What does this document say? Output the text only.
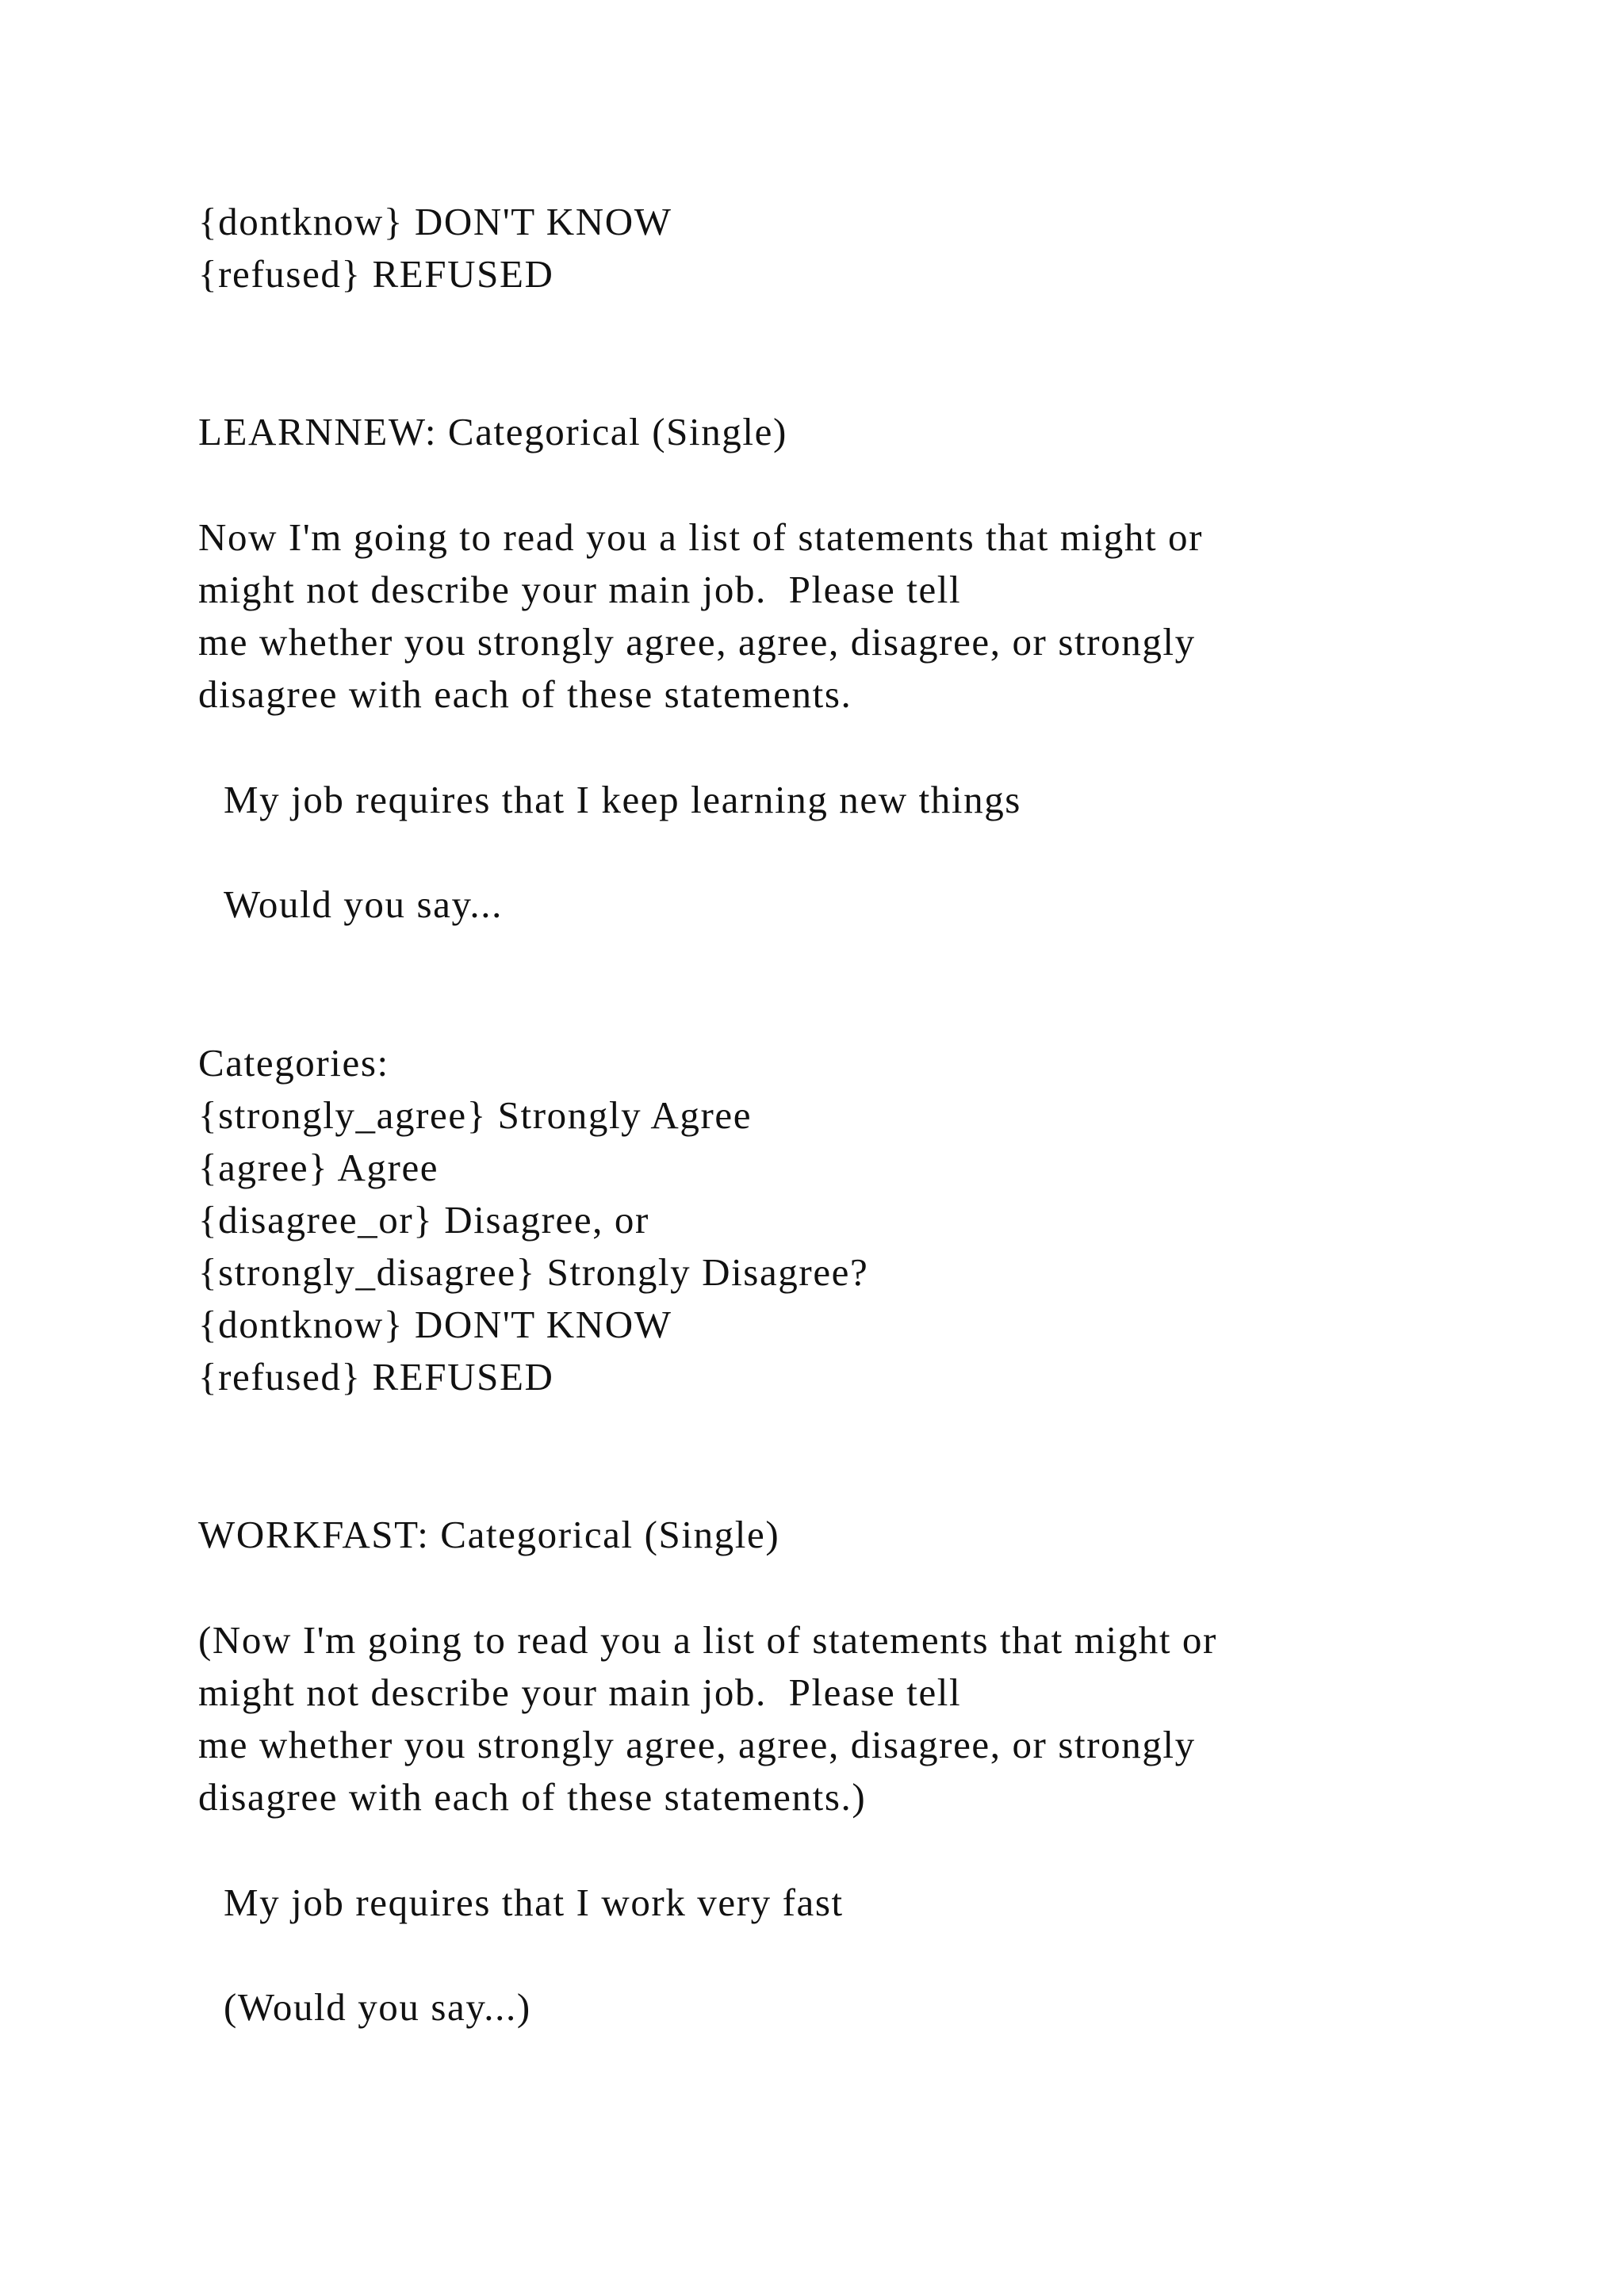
{dontknow} DON'T KNOW
{refused} REFUSED
LEARNNEW: Categorical (Single)
Now I'm going to read you a list of statements that might or
might not describe your main job.  Please tell
me whether you strongly agree, agree, disagree, or strongly
disagree with each of these statements.
My job requires that I keep learning new things
Would you say...
Categories:
{strongly_agree} Strongly Agree
{agree} Agree
{disagree_or} Disagree, or
{strongly_disagree} Strongly Disagree?
{dontknow} DON'T KNOW
{refused} REFUSED
WORKFAST: Categorical (Single)
(Now I'm going to read you a list of statements that might or
might not describe your main job.  Please tell
me whether you strongly agree, agree, disagree, or strongly
disagree with each of these statements.)
My job requires that I work very fast
(Would you say...)
